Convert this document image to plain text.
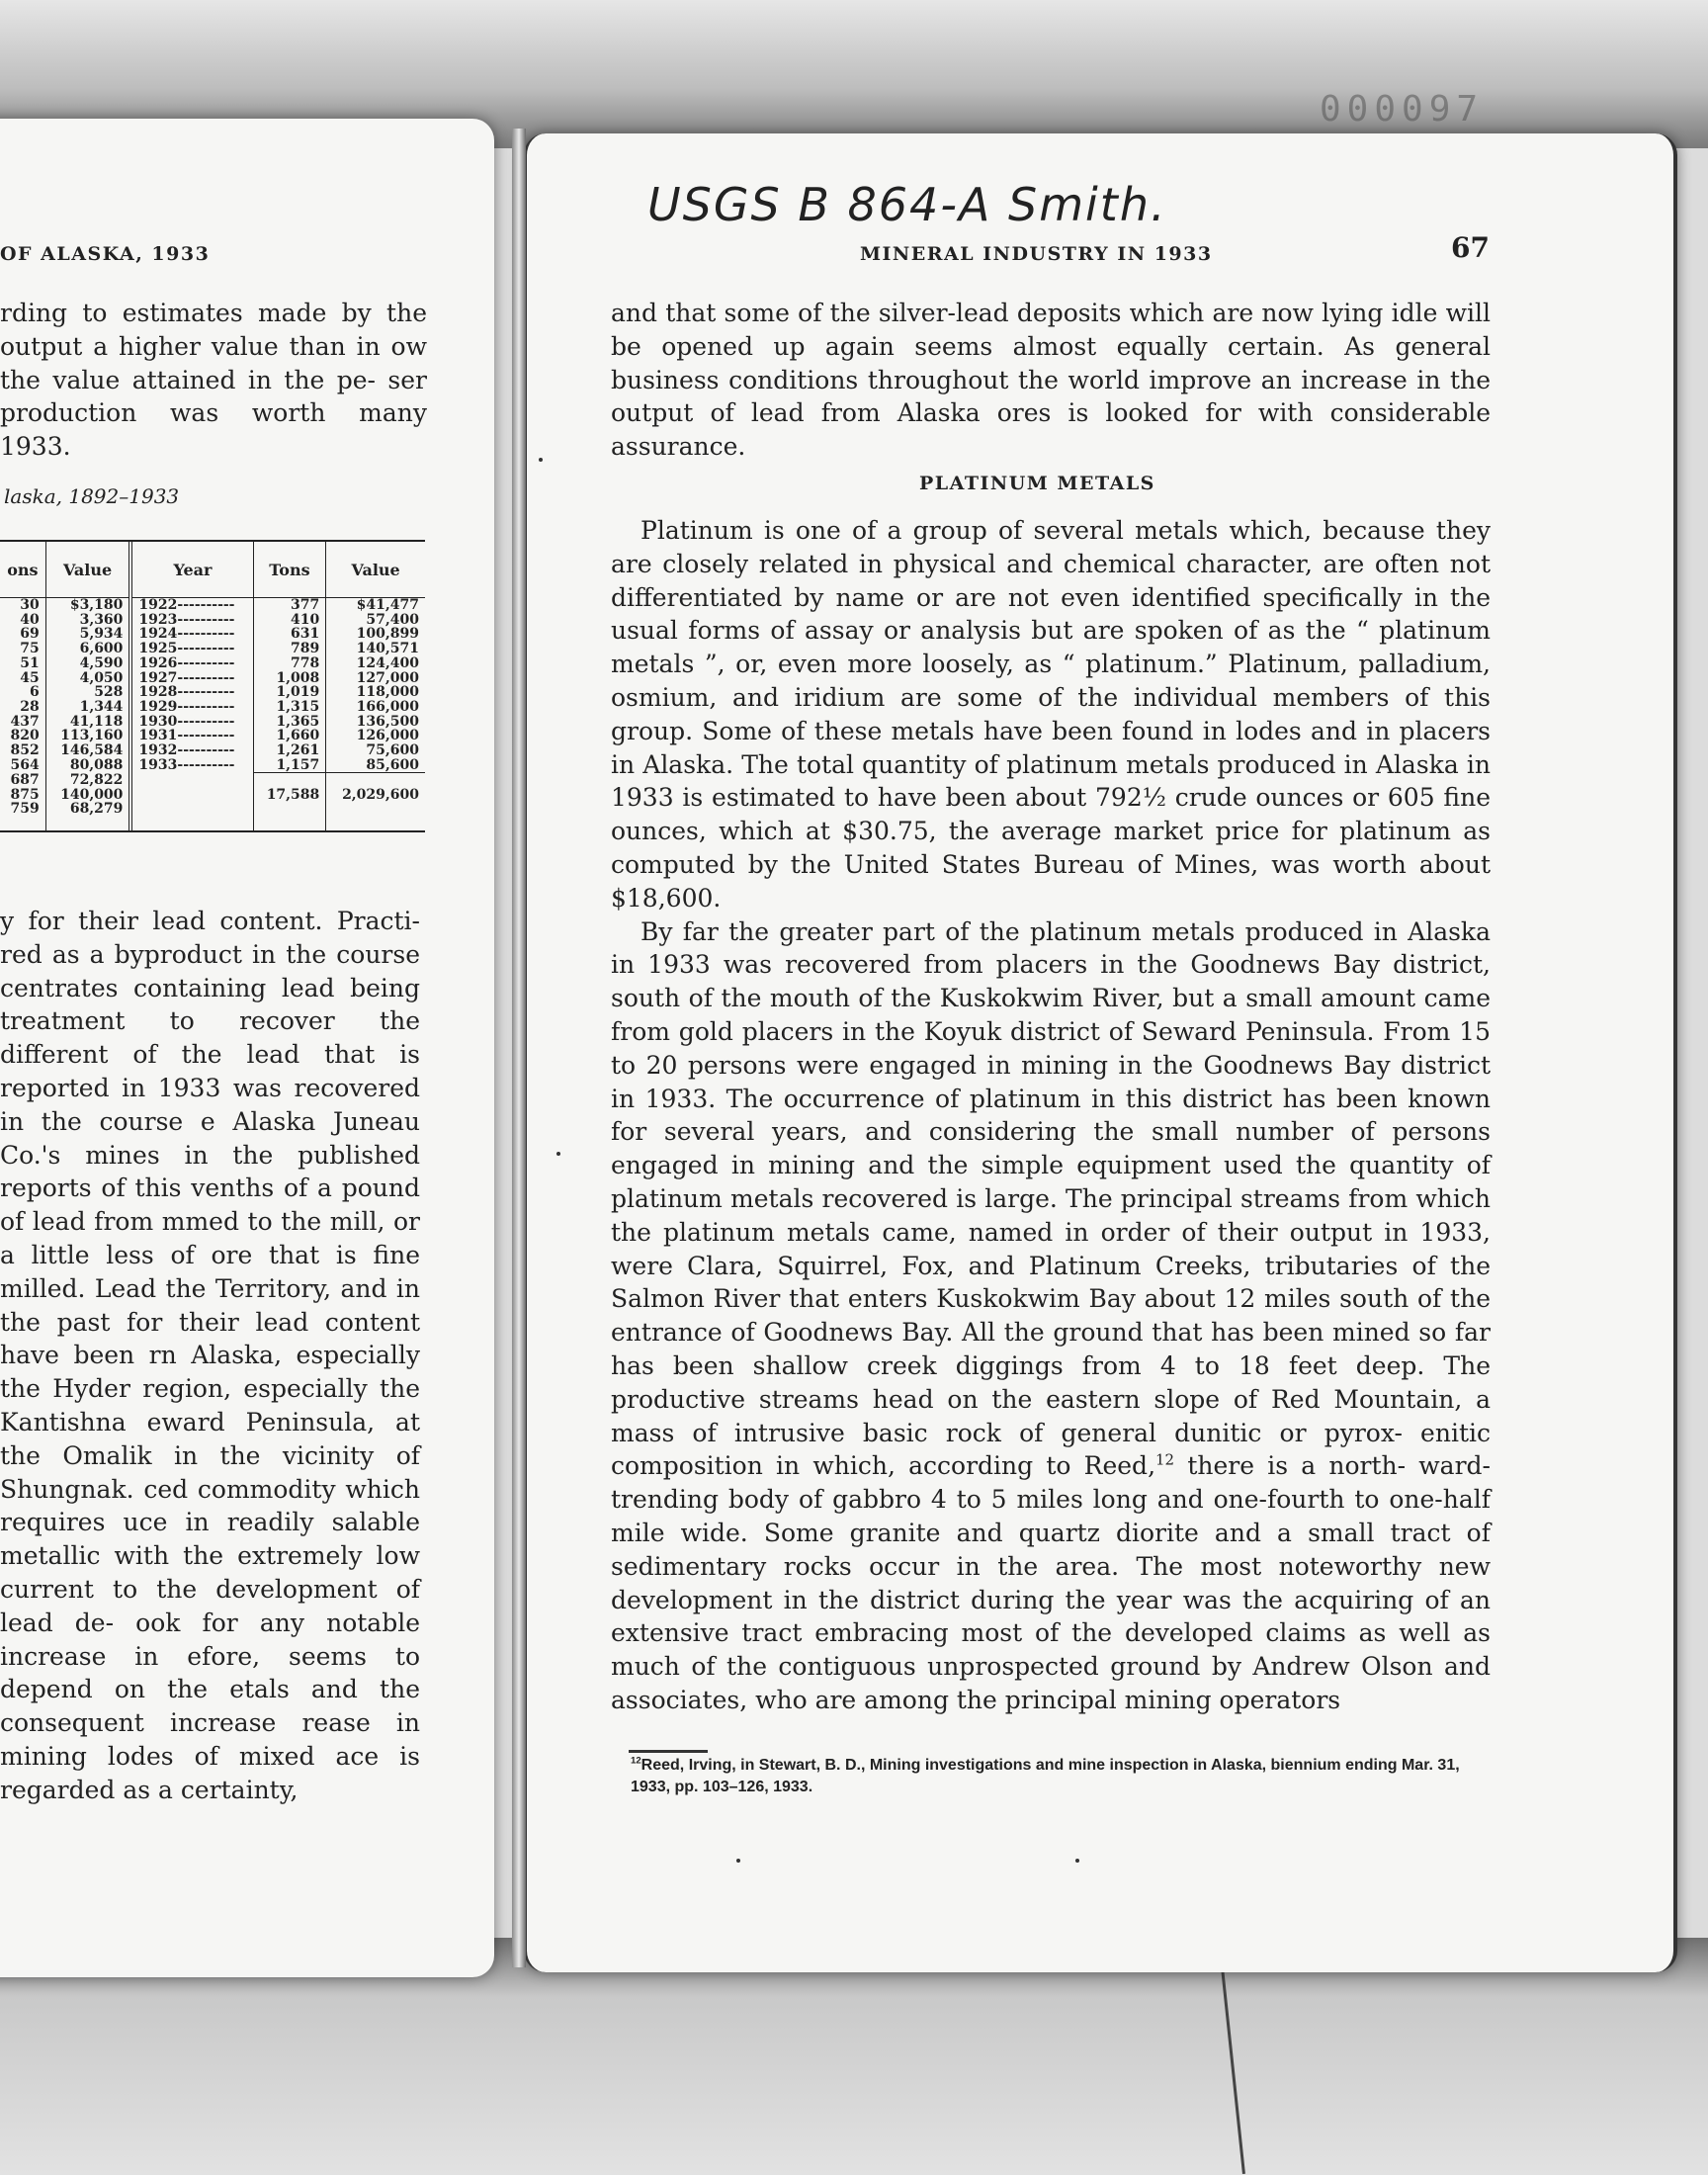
000097
OF ALASKA, 1933

rding to estimates made by the output a higher value than in ow the value attained in the pe- ser production was worth many 1933.

laska, 1892–1933
ons	Value	Year	Tons	Value
30	$3,180	1922----------	377	$41,477
40	3,360	1923----------	410	57,400
69	5,934	1924----------	631	100,899
75	6,600	1925----------	789	140,571
51	4,590	1926----------	778	124,400
45	4,050	1927----------	1,008	127,000
6	528	1928----------	1,019	118,000
28	1,344	1929----------	1,315	166,000
437	41,118	1930----------	1,365	136,500
820	113,160	1931----------	1,660	126,000
852	146,584	1932----------	1,261	75,600
564	80,088	1933----------	1,157	85,600
687	72,822			
875	140,000		17,588	2,029,600
759	68,279			

y for their lead content. Practi- red as a byproduct in the course centrates containing lead being treatment to recover the different of the lead that is reported in 1933 was recovered in the course e Alaska Juneau Co.'s mines in the published reports of this venths of a pound of lead from mmed to the mill, or a little less of ore that is fine milled. Lead the Territory, and in the past for their lead content have been rn Alaska, especially the Hyder region, especially the Kantishna eward Peninsula, at the Omalik in the vicinity of Shungnak. ced commodity which requires uce in readily salable metallic with the extremely low current to the development of lead de- ook for any notable increase in efore, seems to depend on the etals and the consequent increase rease in mining lodes of mixed ace is regarded as a certainty,

USGS B 864-A Smith.
MINERAL INDUSTRY IN 1933	67

and that some of the silver-lead deposits which are now lying idle will be opened up again seems almost equally certain. As general business conditions throughout the world improve an increase in the output of lead from Alaska ores is looked for with considerable assurance.

PLATINUM METALS

Platinum is one of a group of several metals which, because they are closely related in physical and chemical character, are often not differentiated by name or are not even identified specifically in the usual forms of assay or analysis but are spoken of as the “ platinum metals ”, or, even more loosely, as “ platinum.” Platinum, palladium, osmium, and iridium are some of the individual members of this group. Some of these metals have been found in lodes and in placers in Alaska. The total quantity of platinum metals produced in Alaska in 1933 is estimated to have been about 792½ crude ounces or 605 fine ounces, which at $30.75, the average market price for platinum as computed by the United States Bureau of Mines, was worth about $18,600.

By far the greater part of the platinum metals produced in Alaska in 1933 was recovered from placers in the Goodnews Bay district, south of the mouth of the Kuskokwim River, but a small amount came from gold placers in the Koyuk district of Seward Peninsula. From 15 to 20 persons were engaged in mining in the Goodnews Bay district in 1933. The occurrence of platinum in this district has been known for several years, and considering the small number of persons engaged in mining and the simple equipment used the quantity of platinum metals recovered is large. The principal streams from which the platinum metals came, named in order of their output in 1933, were Clara, Squirrel, Fox, and Platinum Creeks, tributaries of the Salmon River that enters Kuskokwim Bay about 12 miles south of the entrance of Goodnews Bay. All the ground that has been mined so far has been shallow creek diggings from 4 to 18 feet deep. The productive streams head on the eastern slope of Red Mountain, a mass of intrusive basic rock of general dunitic or pyrox- enitic composition in which, according to Reed,$^{12}$ there is a north- ward-trending body of gabbro 4 to 5 miles long and one-fourth to one-half mile wide. Some granite and quartz diorite and a small tract of sedimentary rocks occur in the area. The most noteworthy new development in the district during the year was the acquiring of an extensive tract embracing most of the developed claims as well as much of the contiguous unprospected ground by Andrew Olson and associates, who are among the principal mining operators

$^{12}$Reed, Irving, in Stewart, B. D., Mining investigations and mine inspection in Alaska, biennium ending Mar. 31, 1933, pp. 103–126, 1933.
